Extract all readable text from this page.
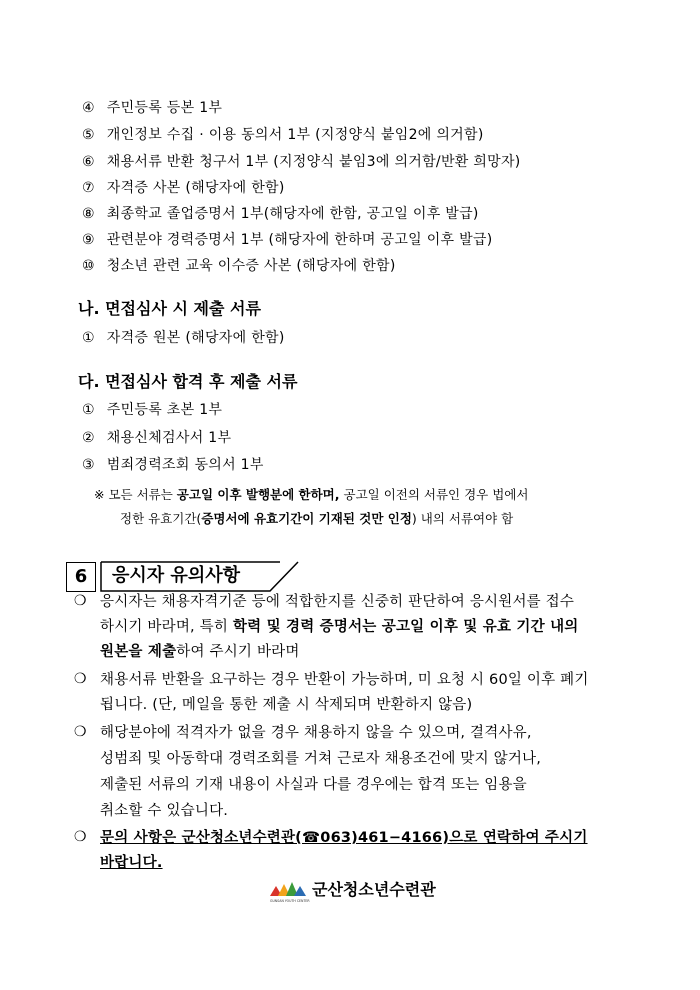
④ 주민등록 등본 1부
⑤ 개인정보 수집 · 이용 동의서 1부 (지정양식 붙임2에 의거함)
⑥ 채용서류 반환 청구서 1부 (지정양식 붙임3에 의거함/반환 희망자)
⑦ 자격증 사본 (해당자에 한함)
⑧ 최종학교 졸업증명서 1부(해당자에 한함, 공고일 이후 발급)
⑨ 관련분야 경력증명서 1부 (해당자에 한하며 공고일 이후 발급)
⑩ 청소년 관련 교육 이수증 사본 (해당자에 한함)
나. 면접심사 시 제출 서류
① 자격증 원본 (해당자에 한함)
다. 면접심사 합격 후 제출 서류
① 주민등록 초본 1부
② 채용신체검사서 1부
③ 범죄경력조회 동의서 1부
※ 모든 서류는 공고일 이후 발행분에 한하며, 공고일 이전의 서류인 경우 법에서
정한 유효기간(증명서에 유효기간이 기재된 것만 인정) 내의 서류여야 함
6	응시자 유의사항
❍ 응시자는 채용자격기준 등에 적합한지를 신중히 판단하여 응시원서를 접수
하시기 바라며, 특히 학력 및 경력 증명서는 공고일 이후 및 유효 기간 내의
원본을 제출하여 주시기 바라며
❍ 채용서류 반환을 요구하는 경우 반환이 가능하며, 미 요청 시 60일 이후 폐기
됩니다. (단, 메일을 통한 제출 시 삭제되며 반환하지 않음)
❍ 해당분야에 적격자가 없을 경우 채용하지 않을 수 있으며, 결격사유,
성범죄 및 아동학대 경력조회를 거쳐 근로자 채용조건에 맞지 않거나,
제출된 서류의 기재 내용이 사실과 다를 경우에는 합격 또는 임용을
취소할 수 있습니다.
❍ 문의 사항은 군산청소년수련관(☎063)461−4166)으로 연락하여 주시기
바랍니다.
GUNSAN YOUTH CENTER
군산청소년수련관
